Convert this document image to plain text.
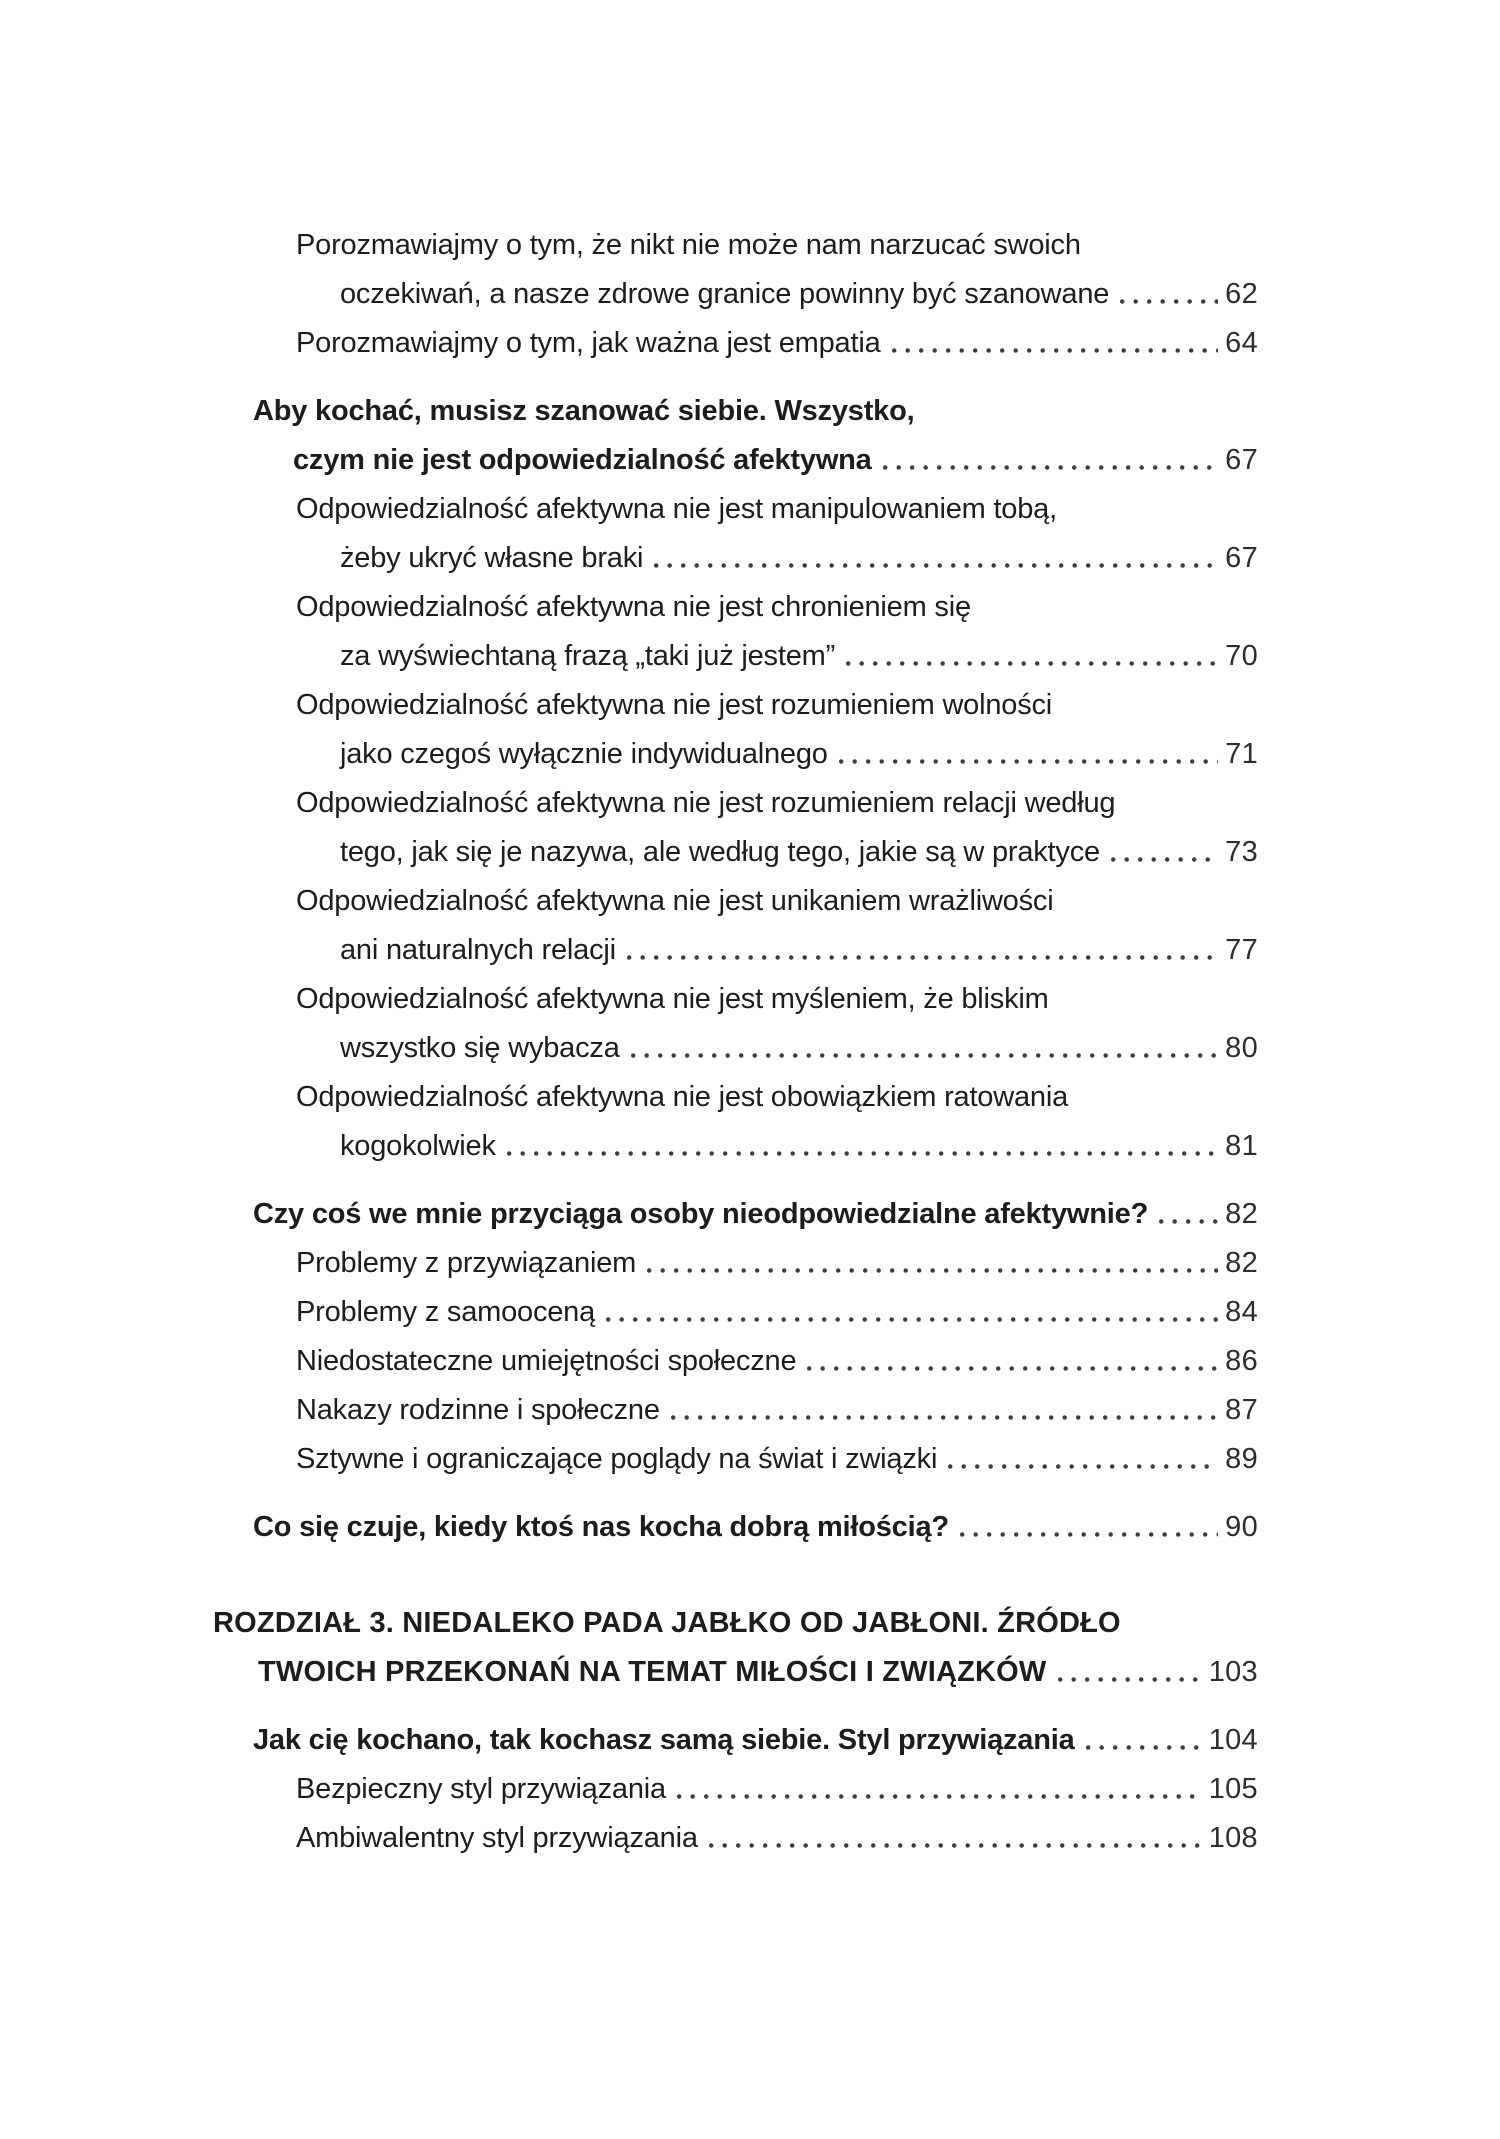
Porozmawiajmy o tym, że nikt nie może nam narzucać swoich
oczekiwań, a nasze zdrowe granice powinny być szanowane	62
Porozmawiajmy o tym, jak ważna jest empatia	64
Aby kochać, musisz szanować siebie. Wszystko,
czym nie jest odpowiedzialność afektywna	67
Odpowiedzialność afektywna nie jest manipulowaniem tobą,
żeby ukryć własne braki	67
Odpowiedzialność afektywna nie jest chronieniem się
za wyświechtaną frazą „taki już jestem”	70
Odpowiedzialność afektywna nie jest rozumieniem wolności
jako czegoś wyłącznie indywidualnego	71
Odpowiedzialność afektywna nie jest rozumieniem relacji według
tego, jak się je nazywa, ale według tego, jakie są w praktyce	73
Odpowiedzialność afektywna nie jest unikaniem wrażliwości
ani naturalnych relacji	77
Odpowiedzialność afektywna nie jest myśleniem, że bliskim
wszystko się wybacza	80
Odpowiedzialność afektywna nie jest obowiązkiem ratowania
kogokolwiek	81
Czy coś we mnie przyciąga osoby nieodpowiedzialne afektywnie?	82
Problemy z przywiązaniem	82
Problemy z samooceną	84
Niedostateczne umiejętności społeczne	86
Nakazy rodzinne i społeczne	87
Sztywne i ograniczające poglądy na świat i związki	89
Co się czuje, kiedy ktoś nas kocha dobrą miłością?	90
ROZDZIAŁ 3. NIEDALEKO PADA JABŁKO OD JABŁONI. ŹRÓDŁO
TWOICH PRZEKONAŃ NA TEMAT MIŁOŚCI I ZWIĄZKÓW	103
Jak cię kochano, tak kochasz samą siebie. Styl przywiązania	104
Bezpieczny styl przywiązania	105
Ambiwalentny styl przywiązania	108
